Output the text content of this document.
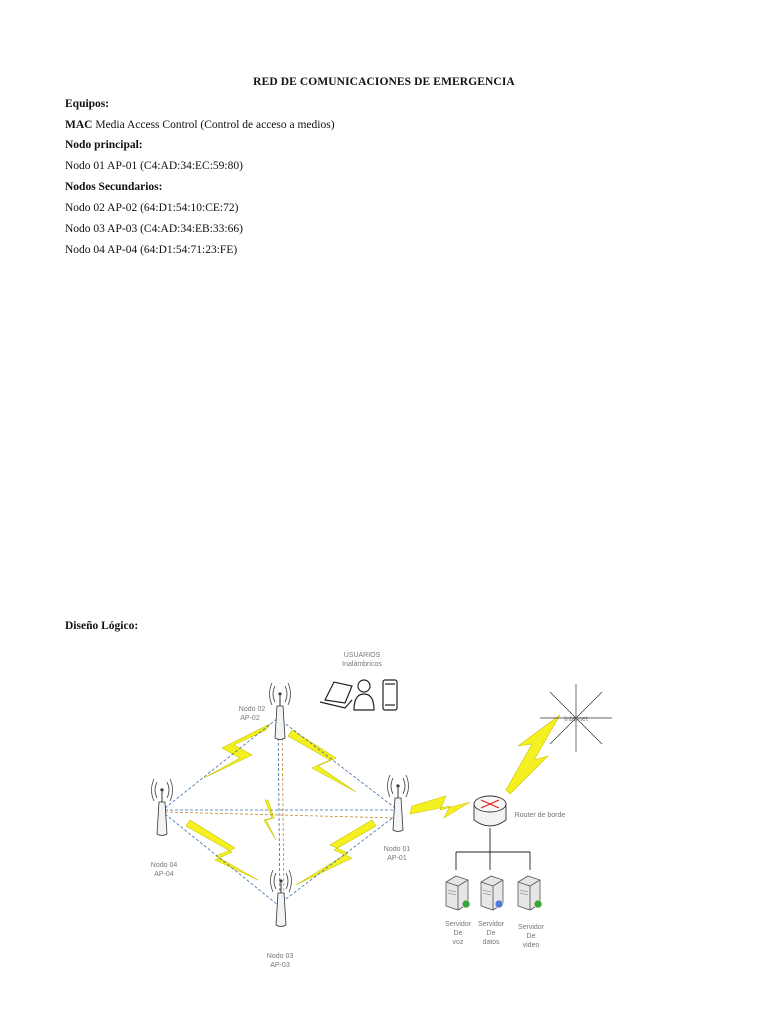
RED DE COMUNICACIONES DE EMERGENCIA
Equipos:
MAC Media Access Control (Control de acceso a medios)
Nodo principal:
Nodo 01 AP-01 (C4:AD:34:EC:59:80)
Nodos Secundarios:
Nodo 02 AP-02 (64:D1:54:10:CE:72)
Nodo 03 AP-03 (C4:AD:34:EB:33:66)
Nodo 04 AP-04 (64:D1:54:71:23:FE)
Diseño Lógico:
USUARIOS
Inalámbricos
Nodo 02
AP-02
Nodo 04
AP-04
Nodo 01
AP-01
Nodo 03
AP-03
Internet
Router de borde
Servidor
De
voz
Servidor
De
datos
Servidor
De
video
